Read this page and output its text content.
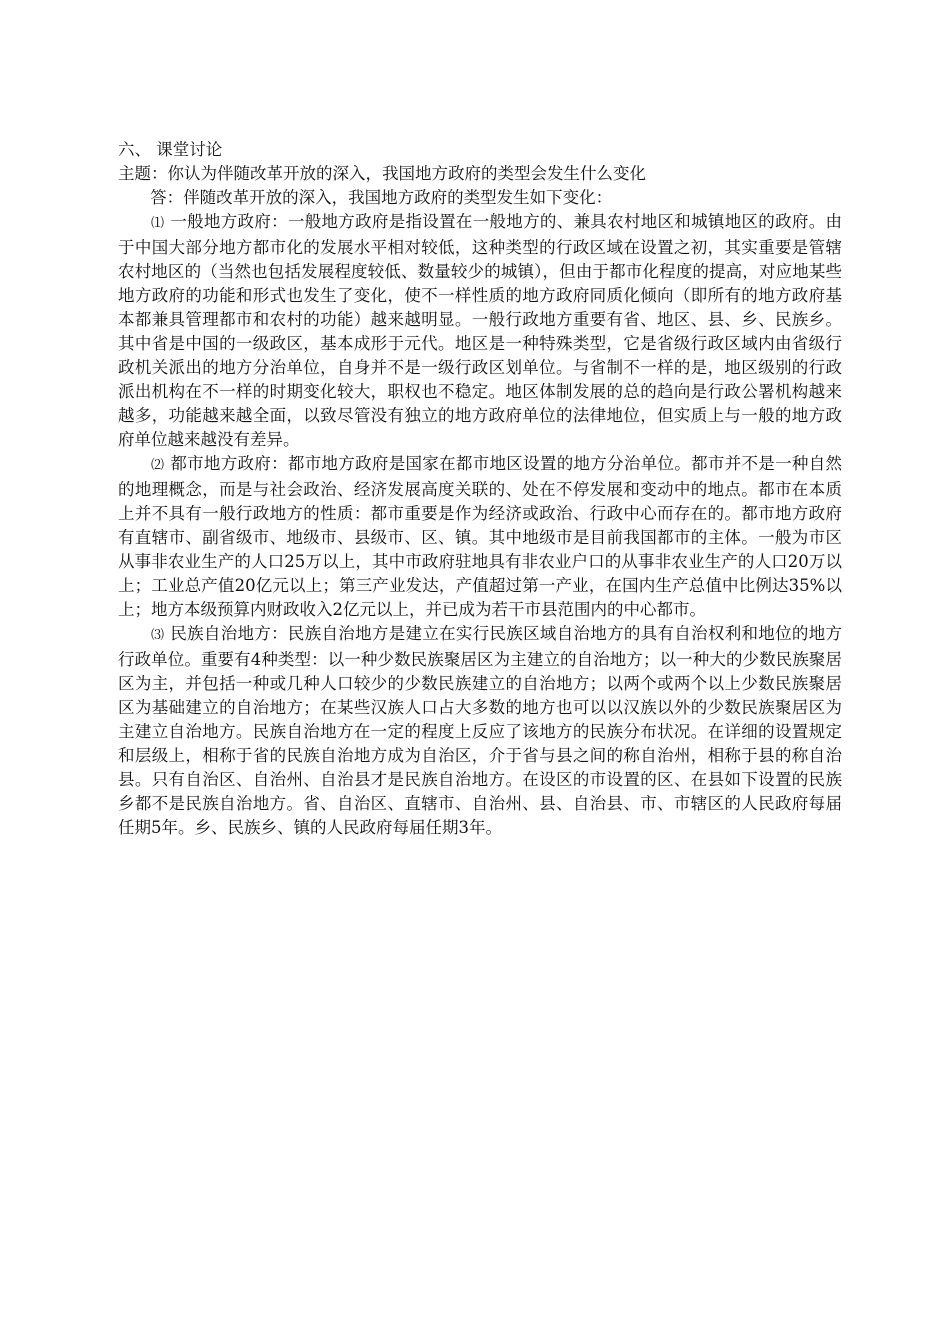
六、 课堂讨论

主题：你认为伴随改革开放的深入，我国地方政府的类型会发生什么变化

答：伴随改革开放的深入，我国地方政府的类型发生如下变化：

⑴ 一般地方政府：一般地方政府是指设置在一般地方的、兼具农村地区和城镇地区的政府。由于中国大部分地方都市化的发展水平相对较低，这种类型的行政区域在设置之初，其实重要是管辖农村地区的（当然也包括发展程度较低、数量较少的城镇），但由于都市化程度的提高，对应地某些地方政府的功能和形式也发生了变化，使不一样性质的地方政府同质化倾向（即所有的地方政府基本都兼具管理都市和农村的功能）越来越明显。一般行政地方重要有省、地区、县、乡、民族乡。其中省是中国的一级政区，基本成形于元代。地区是一种特殊类型，它是省级行政区域内由省级行政机关派出的地方分治单位，自身并不是一级行政区划单位。与省制不一样的是，地区级别的行政派出机构在不一样的时期变化较大，职权也不稳定。地区体制发展的总的趋向是行政公署机构越来越多，功能越来越全面，以致尽管没有独立的地方政府单位的法律地位，但实质上与一般的地方政府单位越来越没有差异。

⑵ 都市地方政府：都市地方政府是国家在都市地区设置的地方分治单位。都市并不是一种自然的地理概念，而是与社会政治、经济发展高度关联的、处在不停发展和变动中的地点。都市在本质上并不具有一般行政地方的性质：都市重要是作为经济或政治、行政中心而存在的。都市地方政府有直辖市、副省级市、地级市、县级市、区、镇。其中地级市是目前我国都市的主体。一般为市区从事非农业生产的人口25万以上，其中市政府驻地具有非农业户口的从事非农业生产的人口20万以上；工业总产值20亿元以上；第三产业发达，产值超过第一产业，在国内生产总值中比例达35%以上；地方本级预算内财政收入2亿元以上，并已成为若干市县范围内的中心都市。

⑶ 民族自治地方：民族自治地方是建立在实行民族区域自治地方的具有自治权利和地位的地方行政单位。重要有4种类型：以一种少数民族聚居区为主建立的自治地方；以一种大的少数民族聚居区为主，并包括一种或几种人口较少的少数民族建立的自治地方；以两个或两个以上少数民族聚居区为基础建立的自治地方；在某些汉族人口占大多数的地方也可以以汉族以外的少数民族聚居区为主建立自治地方。民族自治地方在一定的程度上反应了该地方的民族分布状况。在详细的设置规定和层级上，相称于省的民族自治地方成为自治区，介于省与县之间的称自治州，相称于县的称自治县。只有自治区、自治州、自治县才是民族自治地方。在设区的市设置的区、在县如下设置的民族乡都不是民族自治地方。省、自治区、直辖市、自治州、县、自治县、市、市辖区的人民政府每届任期5年。乡、民族乡、镇的人民政府每届任期3年。
